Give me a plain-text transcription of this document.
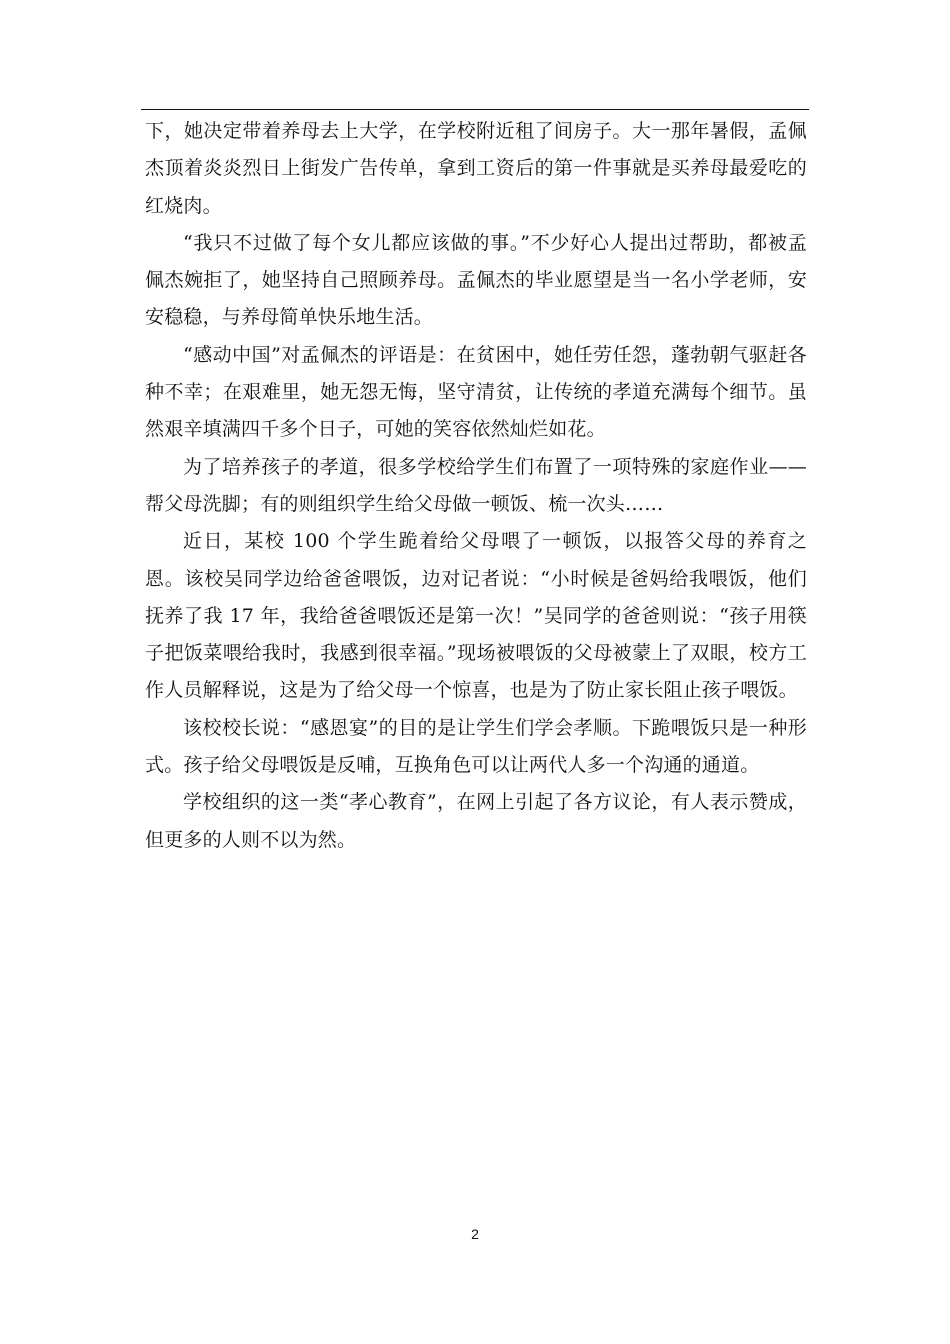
下，她决定带着养母去上大学，在学校附近租了间房子。大一那年暑假，孟佩杰顶着炎炎烈日上街发广告传单，拿到工资后的第一件事就是买养母最爱吃的红烧肉。

“我只不过做了每个女儿都应该做的事。”不少好心人提出过帮助，都被孟佩杰婉拒了，她坚持自己照顾养母。孟佩杰的毕业愿望是当一名小学老师，安安稳稳，与养母简单快乐地生活。

“感动中国”对孟佩杰的评语是：在贫困中，她任劳任怨，蓬勃朝气驱赶各种不幸；在艰难里，她无怨无悔，坚守清贫，让传统的孝道充满每个细节。虽然艰辛填满四千多个日子，可她的笑容依然灿烂如花。

为了培养孩子的孝道，很多学校给学生们布置了一项特殊的家庭作业——帮父母洗脚；有的则组织学生给父母做一顿饭、梳一次头……

近日，某校 100 个学生跪着给父母喂了一顿饭，以报答父母的养育之恩。该校吴同学边给爸爸喂饭，边对记者说：“小时候是爸妈给我喂饭，他们抚养了我 17 年，我给爸爸喂饭还是第一次！”吴同学的爸爸则说：“孩子用筷子把饭菜喂给我时，我感到很幸福。”现场被喂饭的父母被蒙上了双眼，校方工作人员解释说，这是为了给父母一个惊喜，也是为了防止家长阻止孩子喂饭。

该校校长说：“感恩宴”的目的是让学生们学会孝顺。下跪喂饭只是一种形式。孩子给父母喂饭是反哺，互换角色可以让两代人多一个沟通的通道。

学校组织的这一类“孝心教育”，在网上引起了各方议论，有人表示赞成，但更多的人则不以为然。

2
